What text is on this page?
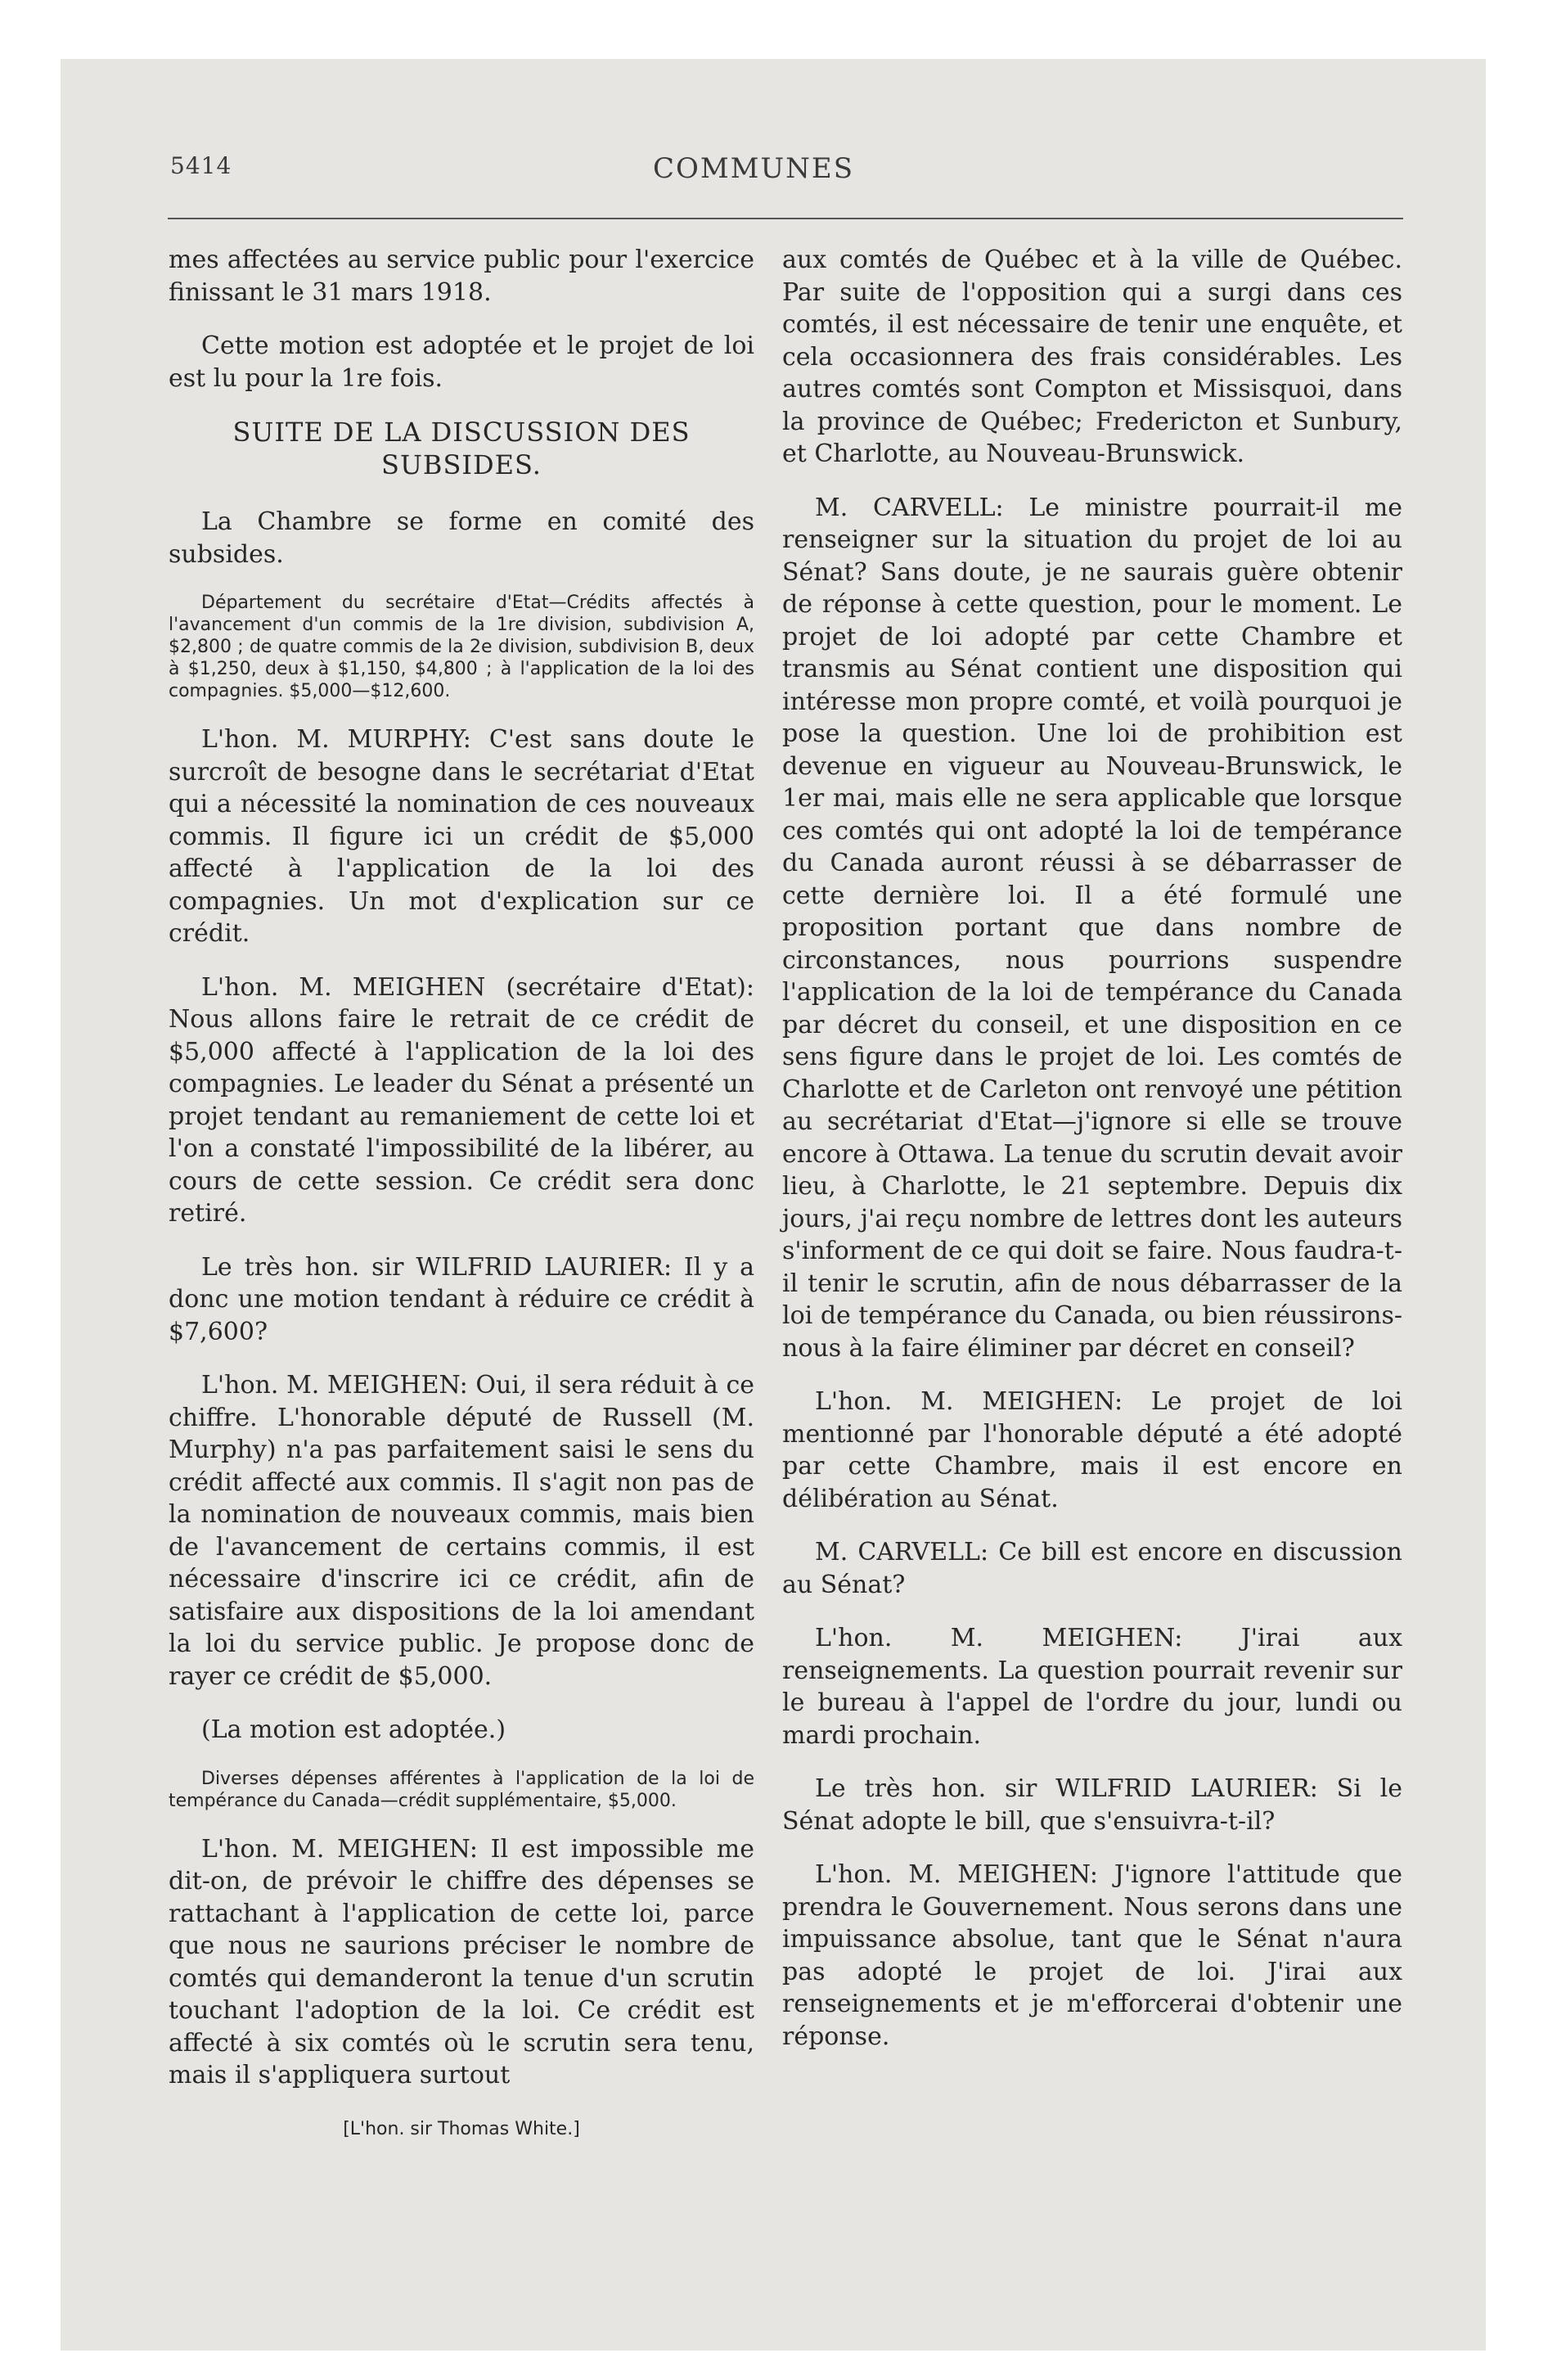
5414	COMMUNES

mes affectées au service public pour l'exercice finissant le 31 mars 1918.

Cette motion est adoptée et le projet de loi est lu pour la 1re fois.

SUITE DE LA DISCUSSION DES SUBSIDES.

La Chambre se forme en comité des subsides.

Département du secrétaire d'Etat—Crédits affectés à l'avancement d'un commis de la 1re division, subdivision A, $2,800 ; de quatre commis de la 2e division, subdivision B, deux à $1,250, deux à $1,150, $4,800 ; à l'application de la loi des compagnies. $5,000—$12,600.

L'hon. M. MURPHY: C'est sans doute le surcroît de besogne dans le secrétariat d'Etat qui a nécessité la nomination de ces nouveaux commis. Il figure ici un crédit de $5,000 affecté à l'application de la loi des compagnies. Un mot d'explication sur ce crédit.

L'hon. M. MEIGHEN (secrétaire d'Etat): Nous allons faire le retrait de ce crédit de $5,000 affecté à l'application de la loi des compagnies. Le leader du Sénat a présenté un projet tendant au remaniement de cette loi et l'on a constaté l'impossibilité de la libérer, au cours de cette session. Ce crédit sera donc retiré.

Le très hon. sir WILFRID LAURIER: Il y a donc une motion tendant à réduire ce crédit à $7,600?

L'hon. M. MEIGHEN: Oui, il sera réduit à ce chiffre. L'honorable député de Russell (M. Murphy) n'a pas parfaitement saisi le sens du crédit affecté aux commis. Il s'agit non pas de la nomination de nouveaux commis, mais bien de l'avancement de certains commis, il est nécessaire d'inscrire ici ce crédit, afin de satisfaire aux dispositions de la loi amendant la loi du service public. Je propose donc de rayer ce crédit de $5,000.

(La motion est adoptée.)

Diverses dépenses afférentes à l'application de la loi de tempérance du Canada—crédit supplémentaire, $5,000.

L'hon. M. MEIGHEN: Il est impossible me dit-on, de prévoir le chiffre des dépenses se rattachant à l'application de cette loi, parce que nous ne saurions préciser le nombre de comtés qui demanderont la tenue d'un scrutin touchant l'adoption de la loi. Ce crédit est affecté à six comtés où le scrutin sera tenu, mais il s'appliquera surtout

[L'hon. sir Thomas White.]

aux comtés de Québec et à la ville de Québec. Par suite de l'opposition qui a surgi dans ces comtés, il est nécessaire de tenir une enquête, et cela occasionnera des frais considérables. Les autres comtés sont Compton et Missisquoi, dans la province de Québec; Fredericton et Sunbury, et Charlotte, au Nouveau-Brunswick.

M. CARVELL: Le ministre pourrait-il me renseigner sur la situation du projet de loi au Sénat? Sans doute, je ne saurais guère obtenir de réponse à cette question, pour le moment. Le projet de loi adopté par cette Chambre et transmis au Sénat contient une disposition qui intéresse mon propre comté, et voilà pourquoi je pose la question. Une loi de prohibition est devenue en vigueur au Nouveau-Brunswick, le 1er mai, mais elle ne sera applicable que lorsque ces comtés qui ont adopté la loi de tempérance du Canada auront réussi à se débarrasser de cette dernière loi. Il a été formulé une proposition portant que dans nombre de circonstances, nous pourrions suspendre l'application de la loi de tempérance du Canada par décret du conseil, et une disposition en ce sens figure dans le projet de loi. Les comtés de Charlotte et de Carleton ont renvoyé une pétition au secrétariat d'Etat—j'ignore si elle se trouve encore à Ottawa. La tenue du scrutin devait avoir lieu, à Charlotte, le 21 septembre. Depuis dix jours, j'ai reçu nombre de lettres dont les auteurs s'informent de ce qui doit se faire. Nous faudra-t-il tenir le scrutin, afin de nous débarrasser de la loi de tempérance du Canada, ou bien réussirons-nous à la faire éliminer par décret en conseil?

L'hon. M. MEIGHEN: Le projet de loi mentionné par l'honorable député a été adopté par cette Chambre, mais il est encore en délibération au Sénat.

M. CARVELL: Ce bill est encore en discussion au Sénat?

L'hon. M. MEIGHEN: J'irai aux renseignements. La question pourrait revenir sur le bureau à l'appel de l'ordre du jour, lundi ou mardi prochain.

Le très hon. sir WILFRID LAURIER: Si le Sénat adopte le bill, que s'ensuivra-t-il?

L'hon. M. MEIGHEN: J'ignore l'attitude que prendra le Gouvernement. Nous serons dans une impuissance absolue, tant que le Sénat n'aura pas adopté le projet de loi. J'irai aux renseignements et je m'efforcerai d'obtenir une réponse.
